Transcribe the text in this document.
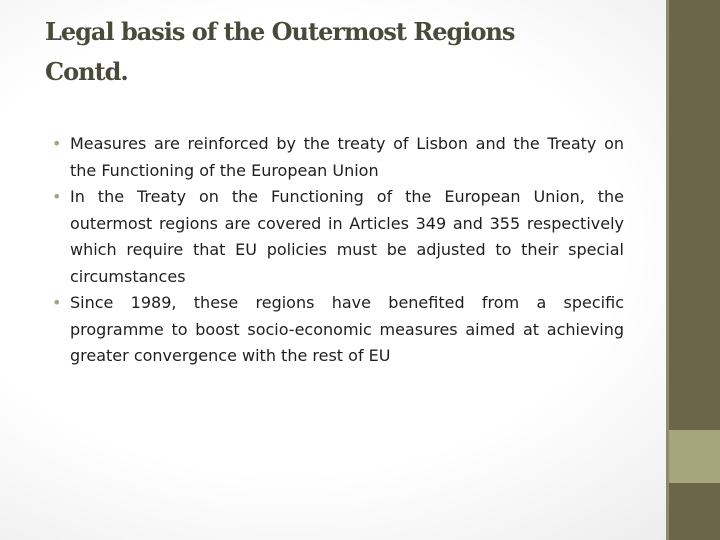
Legal basis of the Outermost Regions
Contd.
• Measures are reinforced by the treaty of Lisbon and the Treaty on the Functioning of the European Union
• In the Treaty on the Functioning of the European Union, the outermost regions are covered in Articles 349 and 355 respectively which require that EU policies must be adjusted to their special circumstances
• Since 1989, these regions have benefited from a specific programme to boost socio-economic measures aimed at achieving greater convergence with the rest of EU
